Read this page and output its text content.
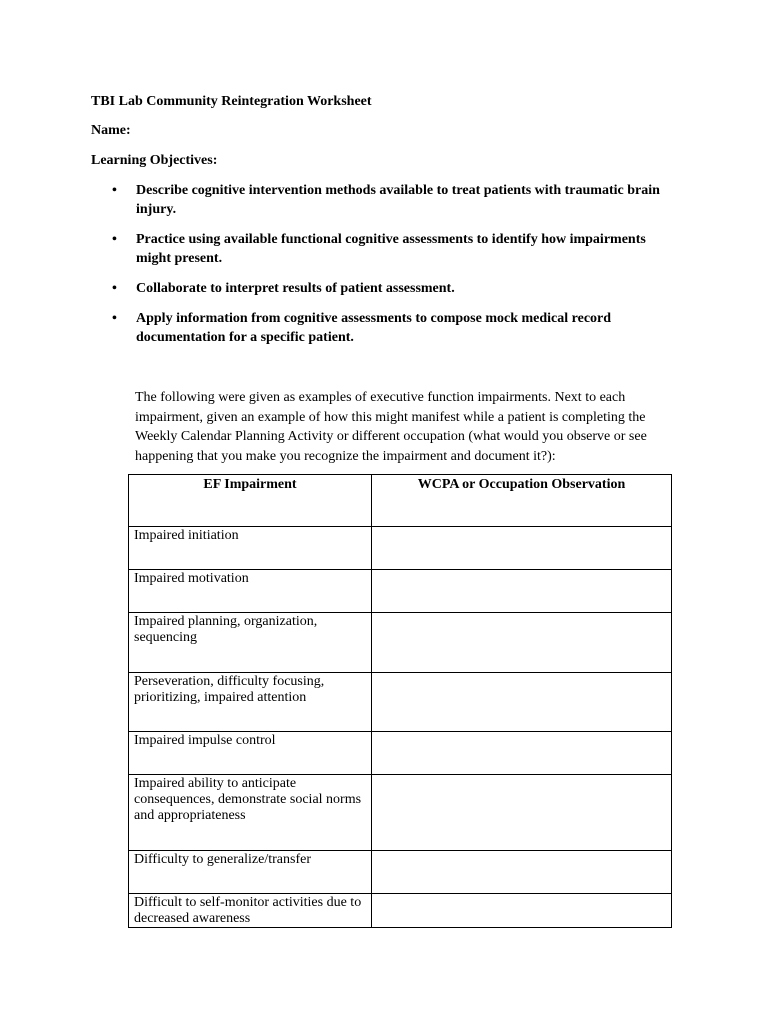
TBI Lab Community Reintegration Worksheet
Name:
Learning Objectives:
• Describe cognitive intervention methods available to treat patients with traumatic brain injury.
• Practice using available functional cognitive assessments to identify how impairments might present.
• Collaborate to interpret results of patient assessment.
• Apply information from cognitive assessments to compose mock medical record documentation for a specific patient.
The following were given as examples of executive function impairments. Next to each impairment, given an example of how this might manifest while a patient is completing the Weekly Calendar Planning Activity or different occupation (what would you observe or see happening that you make you recognize the impairment and document it?):
EF Impairment	WCPA or Occupation Observation
Impaired initiation	
Impaired motivation	
Impaired planning, organization, sequencing	
Perseveration, difficulty focusing, prioritizing, impaired attention	
Impaired impulse control	
Impaired ability to anticipate consequences, demonstrate social norms and appropriateness	
Difficulty to generalize/transfer	
Difficult to self-monitor activities due to decreased awareness	
